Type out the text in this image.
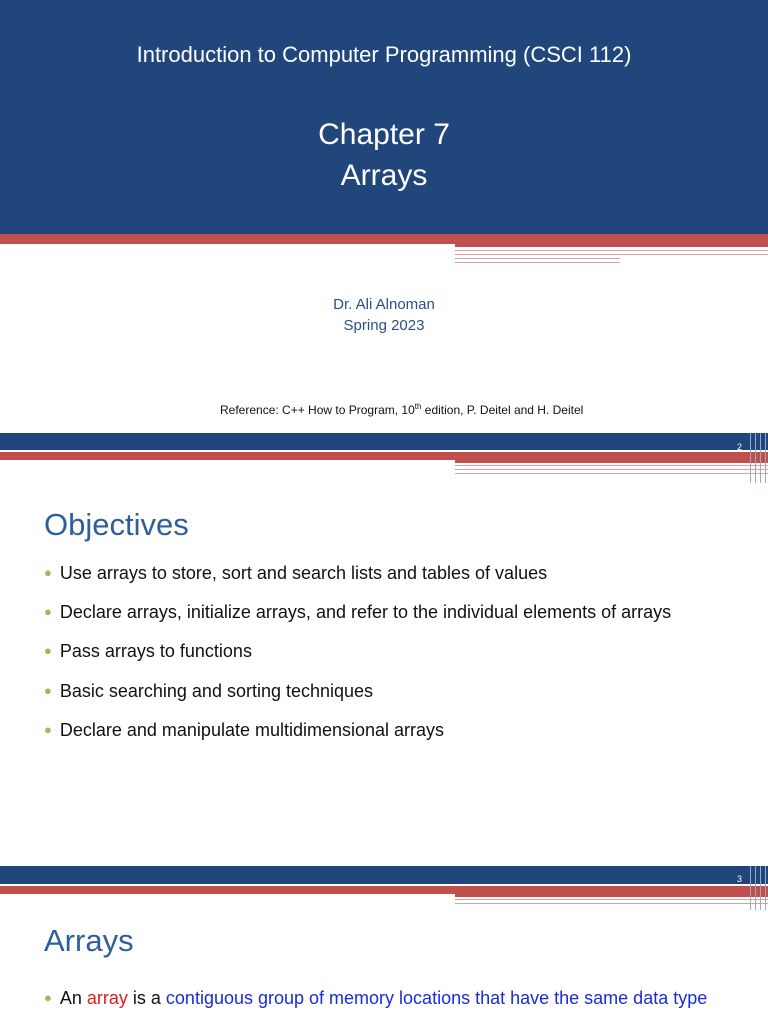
Introduction to Computer Programming (CSCI 112)
Chapter 7
Arrays
Dr. Ali Alnoman
Spring 2023
Reference: C++ How to Program, 10th edition, P. Deitel and H. Deitel
2
Objectives
● Use arrays to store, sort and search lists and tables of values
● Declare arrays, initialize arrays, and refer to the individual elements of arrays
● Pass arrays to functions
● Basic searching and sorting techniques
● Declare and manipulate multidimensional arrays
3
Arrays
● An array is a contiguous group of memory locations that have the same data type
